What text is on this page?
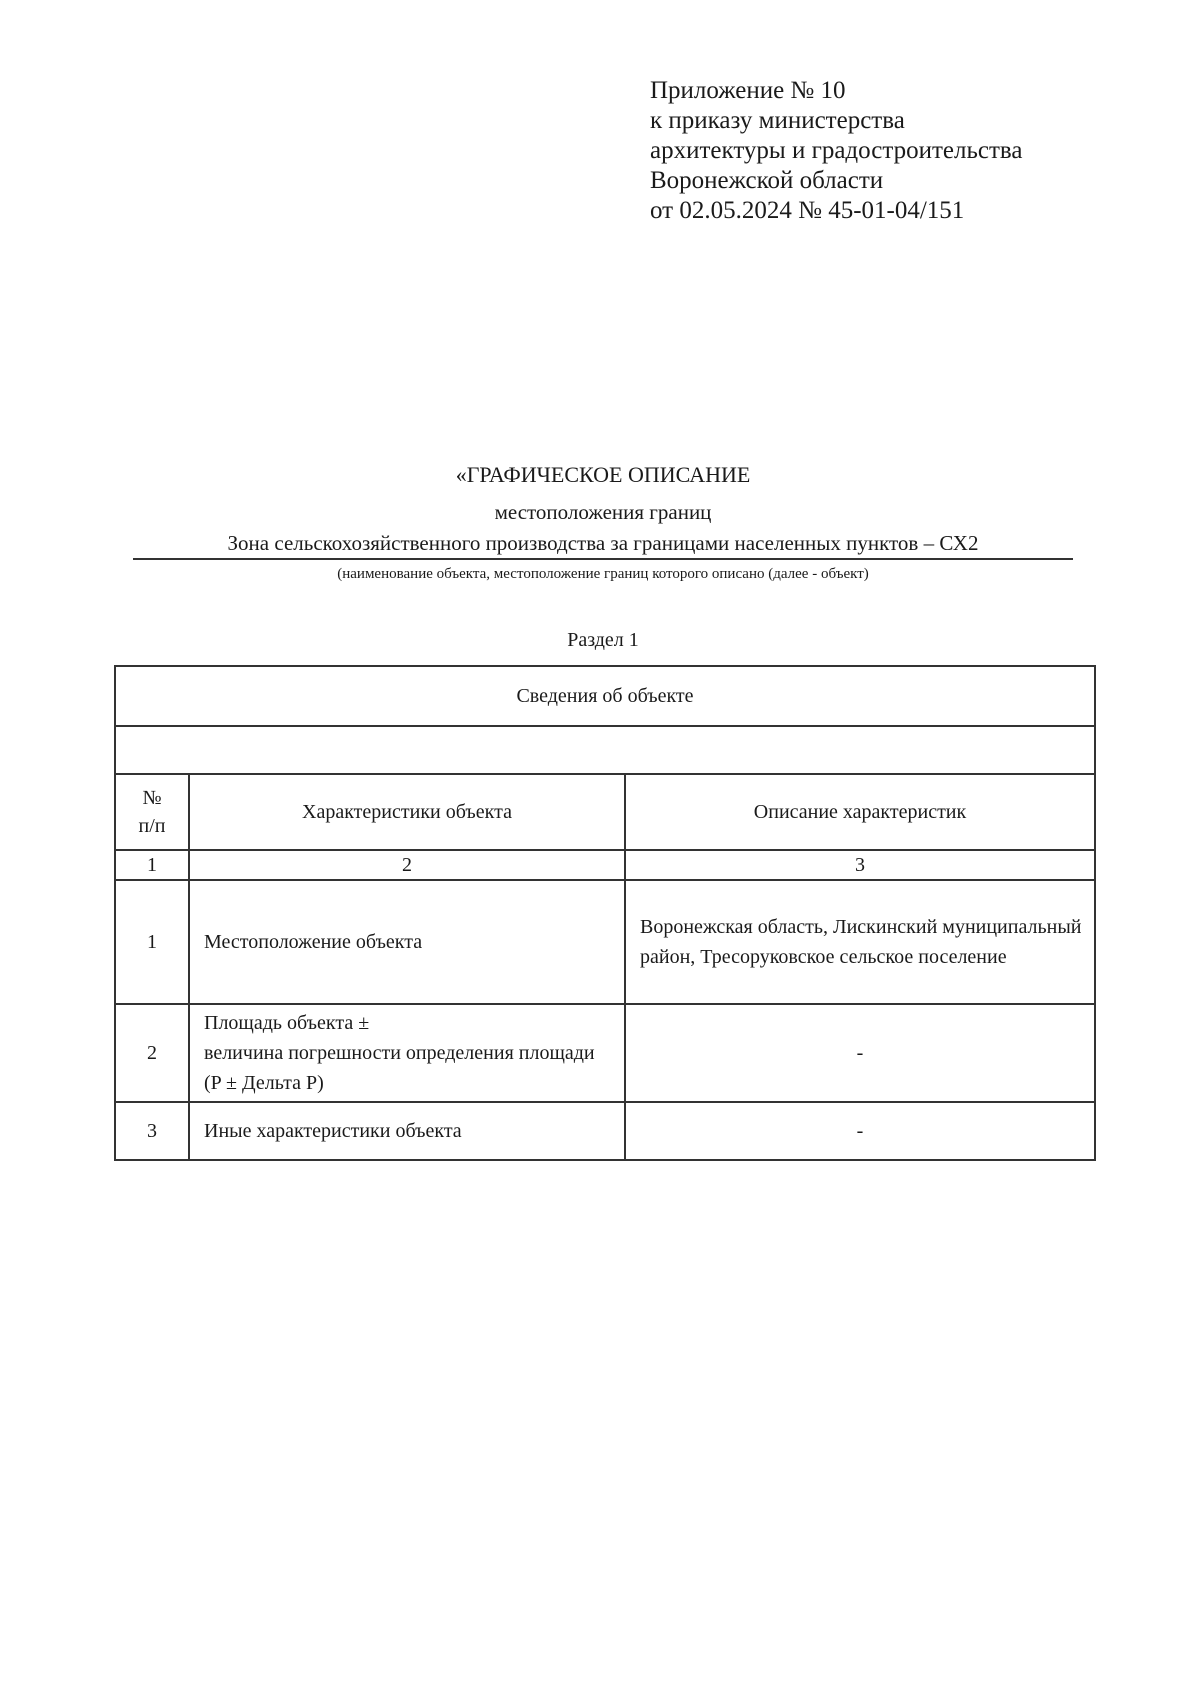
Приложение № 10
к приказу министерства
архитектуры и градостроительства
Воронежской области
от 02.05.2024 № 45-01-04/151
«ГРАФИЧЕСКОЕ ОПИСАНИЕ
местоположения границ
Зона сельскохозяйственного производства за границами населенных пунктов – СХ2
(наименование объекта, местоположение границ которого описано (далее - объект)
Раздел 1
Сведения об объекте		

№
п/п	Характеристики объекта	Описание характеристик
1	2	3
1	Местоположение объекта	Воронежская область, Лискинский муниципальный район, Тресоруковское сельское поселение
2	Площадь объекта ±
величина погрешности определения площади (P ± Дельта P)	-
3	Иные характеристики объекта	-
